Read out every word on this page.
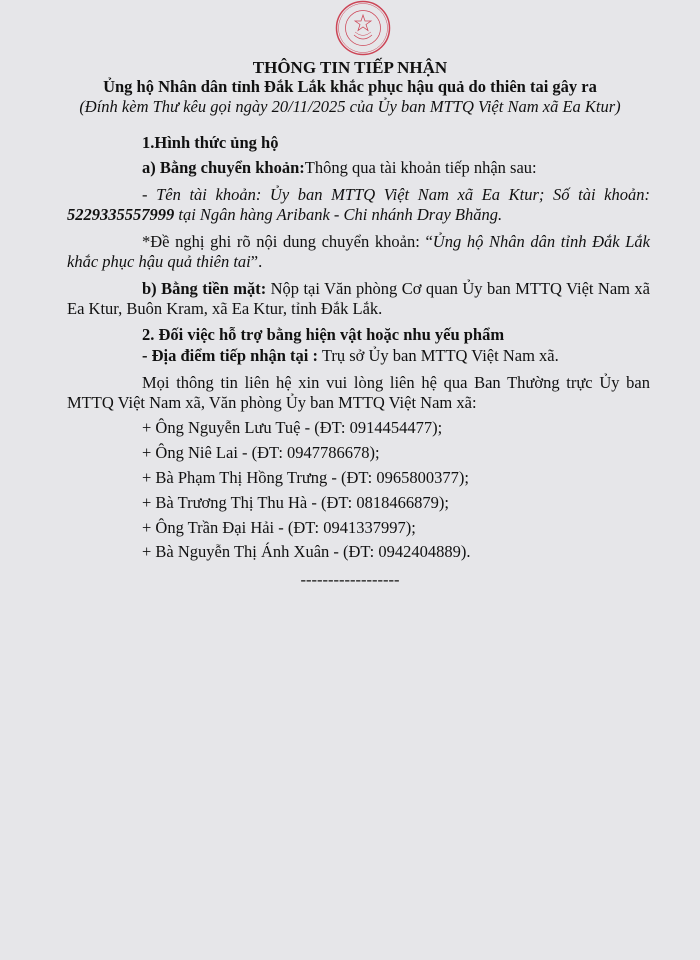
THÔNG TIN TIẾP NHẬN
Ủng hộ Nhân dân tỉnh Đắk Lắk khắc phục hậu quả do thiên tai gây ra
(Đính kèm Thư kêu gọi ngày 20/11/2025 của Ủy ban MTTQ Việt Nam xã Ea Ktur)
1.Hình thức ủng hộ
a) Bằng chuyển khoản:Thông qua tài khoản tiếp nhận sau:
- Tên tài khoản: Ủy ban MTTQ Việt Nam xã Ea Ktur; Số tài khoản:
5229335557999 tại Ngân hàng Aribank - Chi nhánh Dray Bhăng.
*Đề nghị ghi rõ nội dung chuyển khoản: “Ủng hộ Nhân dân tỉnh Đắk Lắk
khắc phục hậu quả thiên tai”.
b) Bằng tiền mặt: Nộp tại Văn phòng Cơ quan Ủy ban MTTQ Việt Nam xã
Ea Ktur, Buôn Kram, xã Ea Ktur, tỉnh Đắk Lắk.
2. Đối việc hỗ trợ bằng hiện vật hoặc nhu yếu phẩm
- Địa điểm tiếp nhận tại : Trụ sở Ủy ban MTTQ Việt Nam xã.
Mọi thông tin liên hệ xin vui lòng liên hệ qua Ban Thường trực Ủy ban
MTTQ Việt Nam xã, Văn phòng Ủy ban MTTQ Việt Nam xã:
+ Ông Nguyễn Lưu Tuệ - (ĐT: 0914454477);
+ Ông Niê Lai - (ĐT: 0947786678);
+ Bà Phạm Thị Hồng Trưng - (ĐT: 0965800377);
+ Bà Trương Thị Thu Hà - (ĐT: 0818466879);
+ Ông Trần Đại Hải - (ĐT: 0941337997);
+ Bà Nguyễn Thị Ánh Xuân - (ĐT: 0942404889).
------------------
